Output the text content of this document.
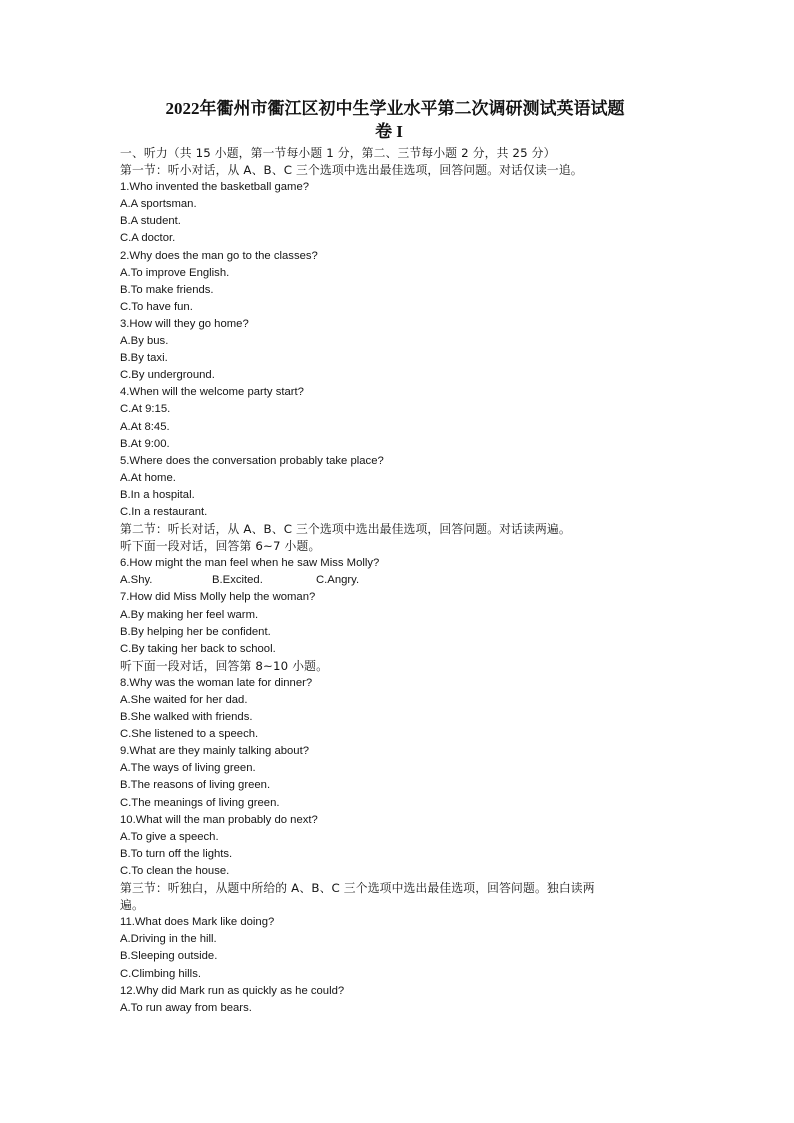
2022年衢州市衢江区初中生学业水平第二次调研测试英语试题
卷 I
一、听力（共 15 小题，第一节每小题 1 分，第二、三节每小题 2 分，共 25 分）
第一节：听小对话，从 A、B、C 三个选项中选出最佳选项，回答问题。对话仅读一追。
1.Who invented the basketball game?
A.A sportsman.
B.A student.
C.A doctor.
2.Why does the man go to the classes?
A.To improve English.
B.To make friends.
C.To have fun.
3.How will they go home?
A.By bus.
B.By taxi.
C.By underground.
4.When will the welcome party start?
C.At 9:15.
A.At 8:45.
B.At 9:00.
5.Where does the conversation probably take place?
A.At home.
B.In a hospital.
C.In a restaurant.
第二节：听长对话，从 A、B、C 三个选项中选出最佳选项，回答问题。对话读两遍。
听下面一段对话，回答第 6~7 小题。
6.How might the man feel when he saw Miss Molly?
A.Shy.	B.Excited.	C.Angry.
7.How did Miss Molly help the woman?
A.By making her feel warm.
B.By helping her be confident.
C.By taking her back to school.
听下面一段对话，回答第 8~10 小题。
8.Why was the woman late for dinner?
A.She waited for her dad.
B.She walked with friends.
C.She listened to a speech.
9.What are they mainly talking about?
A.The ways of living green.
B.The reasons of living green.
C.The meanings of living green.
10.What will the man probably do next?
A.To give a speech.
B.To turn off the lights.
C.To clean the house.
第三节：听独白，从题中所给的 A、B、C 三个选项中选出最佳选项，回答问题。独白读两
遍。
11.What does Mark like doing?
A.Driving in the hill.
B.Sleeping outside.
C.Climbing hills.
12.Why did Mark run as quickly as he could?
A.To run away from bears.
